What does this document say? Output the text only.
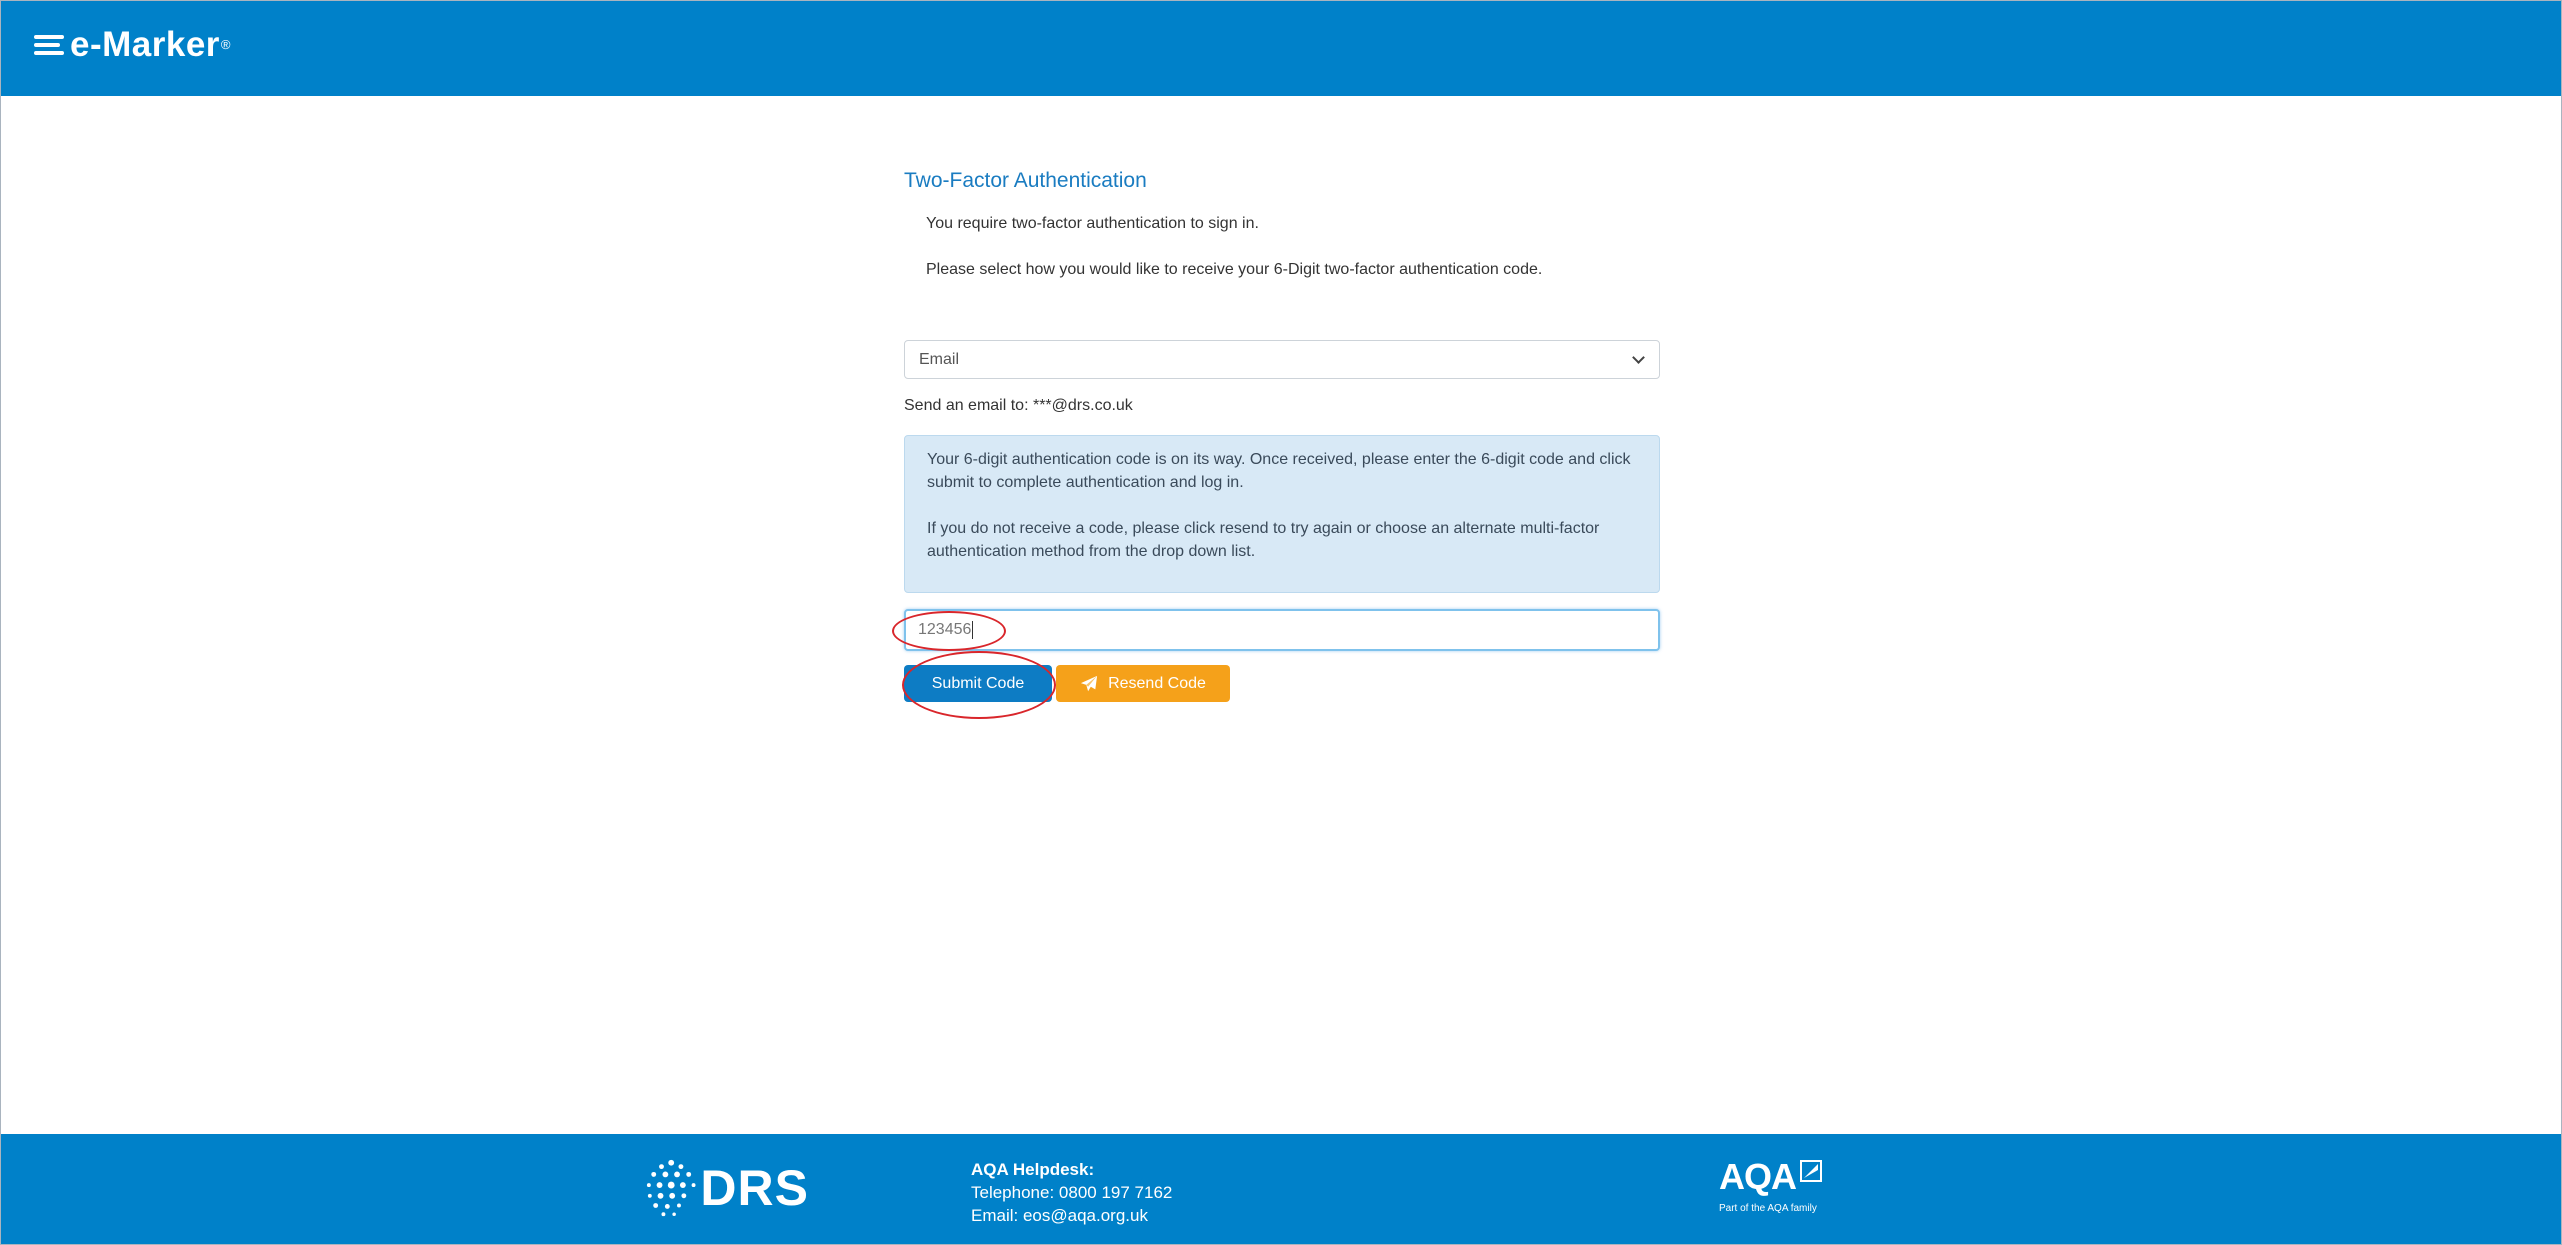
e-Marker ®
Two-Factor Authentication

You require two-factor authentication to sign in.

Please select how you would like to receive your 6-Digit two-factor authentication code.

Email
Send an email to: ***@drs.co.uk

Your 6-digit authentication code is on its way. Once received, please enter the 6-digit code and click submit to complete authentication and log in.

If you do not receive a code, please click resend to try again or choose an alternate multi-factor authentication method from the drop down list.

123456
Submit Code	Resend Code
DRS	AQA Helpdesk:
Telephone: 0800 197 7162
Email: eos@aqa.org.uk
AQA
Part of the AQA family
